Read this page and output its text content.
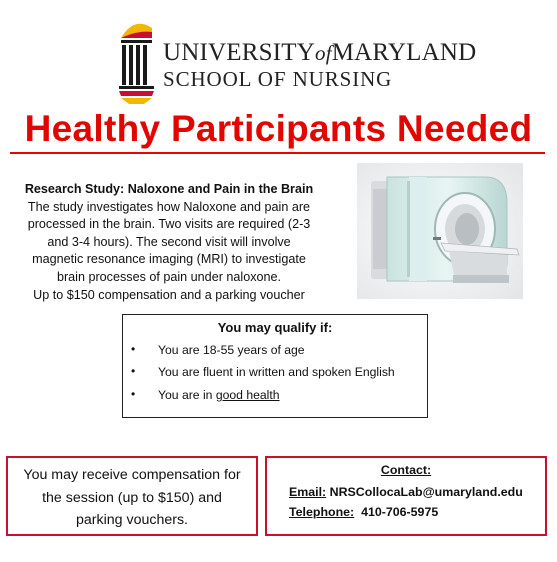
UNIVERSITYofMARYLAND
SCHOOL OF NURSING
Healthy Participants Needed
Research Study: Naloxone and Pain in the Brain
The study investigates how Naloxone and pain are
processed in the brain. Two visits are required (2-3
and 3-4 hours). The second visit will involve
magnetic resonance imaging (MRI) to investigate
brain processes of pain under naloxone.
Up to $150 compensation and a parking voucher
You may qualify if:
• You are 18-55 years of age
• You are fluent in written and spoken English
• You are in good health
You may receive compensation for
the session (up to $150) and
parking vouchers.
Contact:
Email: NRSCollocaLab@umaryland.edu
Telephone: 410-706-5975
